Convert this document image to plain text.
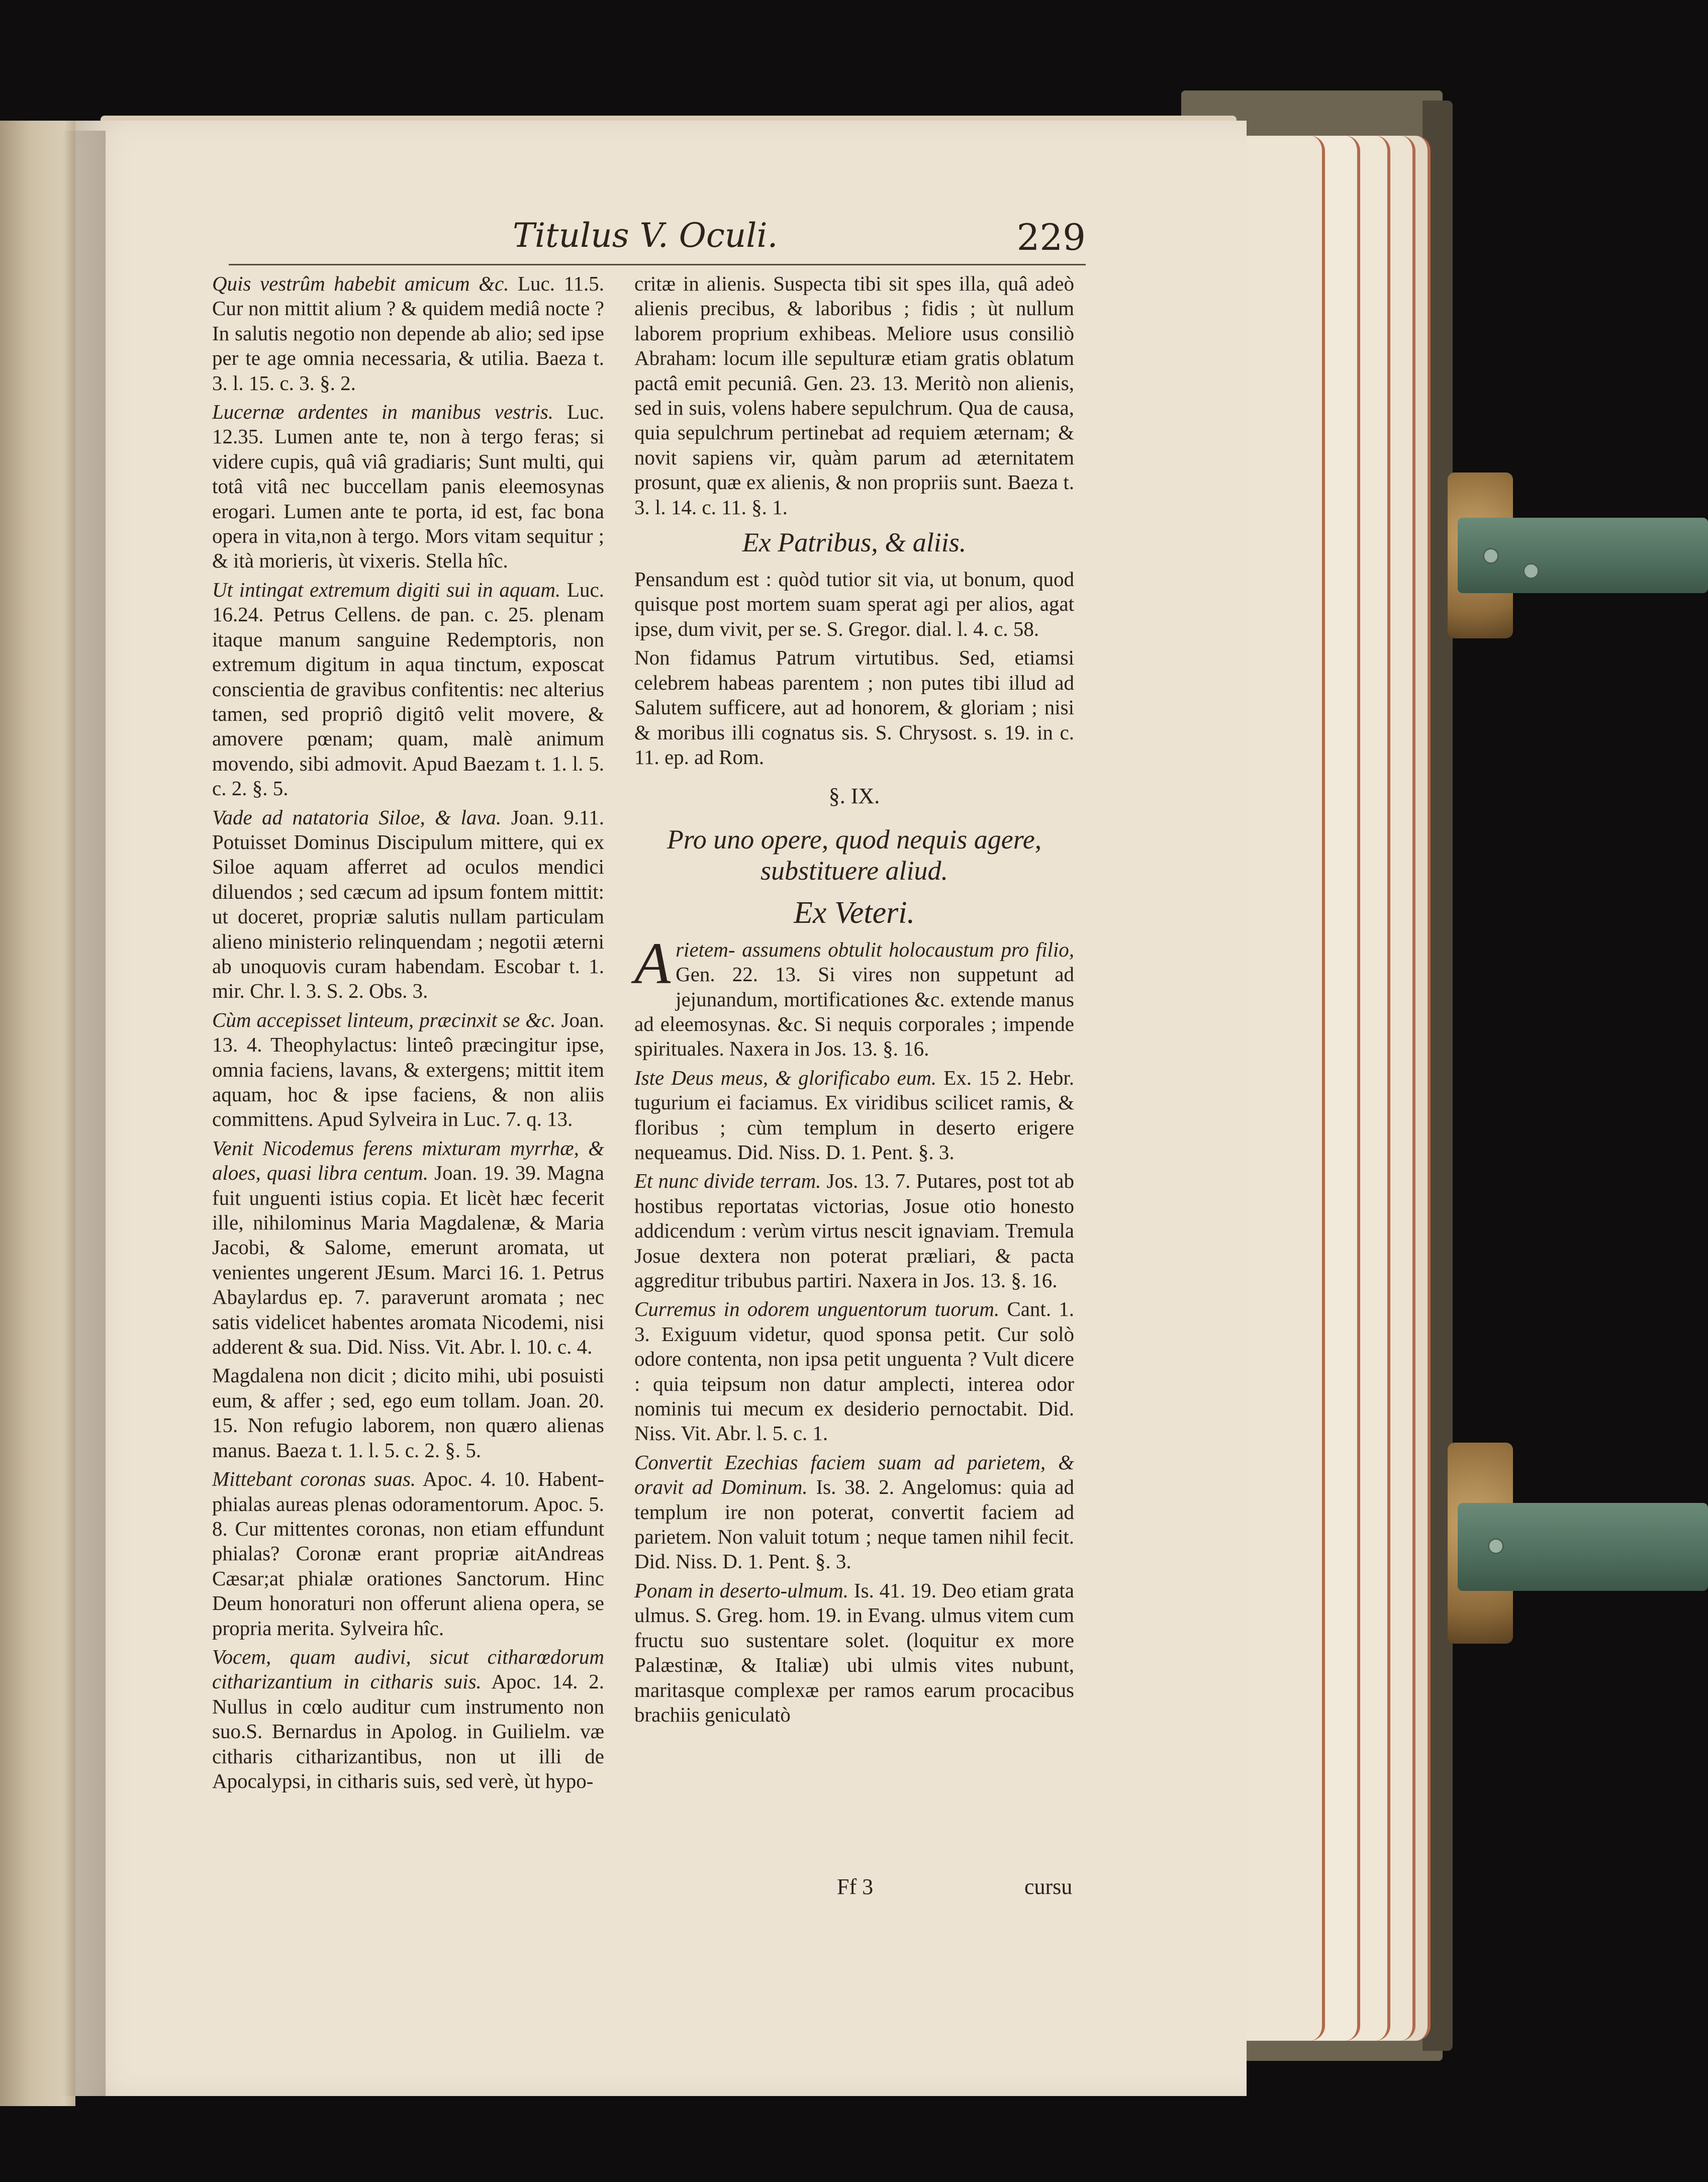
Titulus V. Oculi.	229

Quis vestrûm habebit amicum &c. Luc. 11.5. Cur non mittit alium ? & quidem mediâ nocte ? In salutis negotio non depende ab alio; sed ipse per te age omnia necessaria, & utilia. Baeza t. 3. l. 15. c. 3. §. 2.

Lucernæ ardentes in manibus vestris. Luc. 12.35. Lumen ante te, non à tergo feras; si videre cupis, quâ viâ gradiaris; Sunt multi, qui totâ vitâ nec buccellam panis eleemosynas erogari. Lumen ante te porta, id est, fac bona opera in vita,non à tergo. Mors vitam sequitur ; & ità morieris, ùt vixeris. Stella hîc.

Ut intingat extremum digiti sui in aquam. Luc. 16.24. Petrus Cellens. de pan. c. 25. plenam itaque manum sanguine Redemptoris, non extremum digitum in aqua tinctum, exposcat conscientia de gravibus confitentis: nec alterius tamen, sed propriô digitô velit movere, & amovere pœnam; quam, malè animum movendo, sibi admovit. Apud Baezam t. 1. l. 5. c. 2. §. 5.

Vade ad natatoria Siloe, & lava. Joan. 9.11. Potuisset Dominus Discipulum mittere, qui ex Siloe aquam afferret ad oculos mendici diluendos ; sed cæcum ad ipsum fontem mittit: ut doceret, propriæ salutis nullam particulam alieno ministerio relinquendam ; negotii æterni ab unoquovis curam habendam. Escobar t. 1. mir. Chr. l. 3. S. 2. Obs. 3.

Cùm accepisset linteum, præcinxit se &c. Joan. 13. 4. Theophylactus: linteô præcingitur ipse, omnia faciens, lavans, & extergens; mittit item aquam, hoc & ipse faciens, & non aliis committens. Apud Sylveira in Luc. 7. q. 13.

Venit Nicodemus ferens mixturam myrrhæ, & aloes, quasi libra centum. Joan. 19. 39. Magna fuit unguenti istius copia. Et licèt hæc fecerit ille, nihilominus Maria Magdalenæ, & Maria Jacobi, & Salome, emerunt aromata, ut venientes ungerent JEsum. Marci 16. 1. Petrus Abaylardus ep. 7. paraverunt aromata ; nec satis videlicet habentes aromata Nicodemi, nisi adderent & sua. Did. Niss. Vit. Abr. l. 10. c. 4.

Magdalena non dicit ; dicito mihi, ubi posuisti eum, & affer ; sed, ego eum tollam. Joan. 20. 15. Non refugio laborem, non quæro alienas manus. Baeza t. 1. l. 5. c. 2. §. 5.

Mittebant coronas suas. Apoc. 4. 10. Habent-phialas aureas plenas odoramentorum. Apoc. 5. 8. Cur mittentes coronas, non etiam effundunt phialas? Coronæ erant propriæ aitAndreas Cæsar;at phialæ orationes Sanctorum. Hinc Deum honoraturi non offerunt aliena opera, se propria merita. Sylveira hîc.

Vocem, quam audivi, sicut citharœdorum citharizantium in citharis suis. Apoc. 14. 2. Nullus in cœlo auditur cum instrumento non suo.S. Bernardus in Apolog. in Guilielm. væ citharis citharizantibus, non ut illi de Apocalypsi, in citharis suis, sed verè, ùt hypo-

critæ in alienis. Suspecta tibi sit spes illa, quâ adeò alienis precibus, & laboribus ; fidis ; ùt nullum laborem proprium exhibeas. Meliore usus consiliò Abraham: locum ille sepulturæ etiam gratis oblatum pactâ emit pecuniâ. Gen. 23. 13. Meritò non alienis, sed in suis, volens habere sepulchrum. Qua de causa, quia sepulchrum pertinebat ad requiem æternam; & novit sapiens vir, quàm parum ad æternitatem prosunt, quæ ex alienis, & non propriis sunt. Baeza t. 3. l. 14. c. 11. §. 1.

Ex Patribus, & aliis.

Pensandum est : quòd tutior sit via, ut bonum, quod quisque post mortem suam sperat agi per alios, agat ipse, dum vivit, per se. S. Gregor. dial. l. 4. c. 58.

Non fidamus Patrum virtutibus. Sed, etiamsi celebrem habeas parentem ; non putes tibi illud ad Salutem sufficere, aut ad honorem, & gloriam ; nisi & moribus illi cognatus sis. S. Chrysost. s. 19. in c. 11. ep. ad Rom.

§. IX.
Pro uno opere, quod nequis agere, substituere aliud.
Ex Veteri.

Arietem- assumens obtulit holocaustum pro filio, Gen. 22. 13. Si vires non suppetunt ad jejunandum, mortificationes &c. extende manus ad eleemosynas. &c. Si nequis corporales ; impende spirituales. Naxera in Jos. 13. §. 16.

Iste Deus meus, & glorificabo eum. Ex. 15 2. Hebr. tugurium ei faciamus. Ex viridibus scilicet ramis, & floribus ; cùm templum in deserto erigere nequeamus. Did. Niss. D. 1. Pent. §. 3.

Et nunc divide terram. Jos. 13. 7. Putares, post tot ab hostibus reportatas victorias, Josue otio honesto addicendum : verùm virtus nescit ignaviam. Tremula Josue dextera non poterat præliari, & pacta aggreditur tribubus partiri. Naxera in Jos. 13. §. 16.

Curremus in odorem unguentorum tuorum. Cant. 1. 3. Exiguum videtur, quod sponsa petit. Cur solò odore contenta, non ipsa petit unguenta ? Vult dicere : quia teipsum non datur amplecti, interea odor nominis tui mecum ex desiderio pernoctabit. Did. Niss. Vit. Abr. l. 5. c. 1.

Convertit Ezechias faciem suam ad parietem, & oravit ad Dominum. Is. 38. 2. Angelomus: quia ad templum ire non poterat, convertit faciem ad parietem. Non valuit totum ; neque tamen nihil fecit. Did. Niss. D. 1. Pent. §. 3.

Ponam in deserto-ulmum. Is. 41. 19. Deo etiam grata ulmus. S. Greg. hom. 19. in Evang. ulmus vitem cum fructu suo sustentare solet. (loquitur ex more Palæstinæ, & Italiæ) ubi ulmis vites nubunt, maritasque complexæ per ramos earum procacibus brachiis geniculatò

Ff 3	cursu
